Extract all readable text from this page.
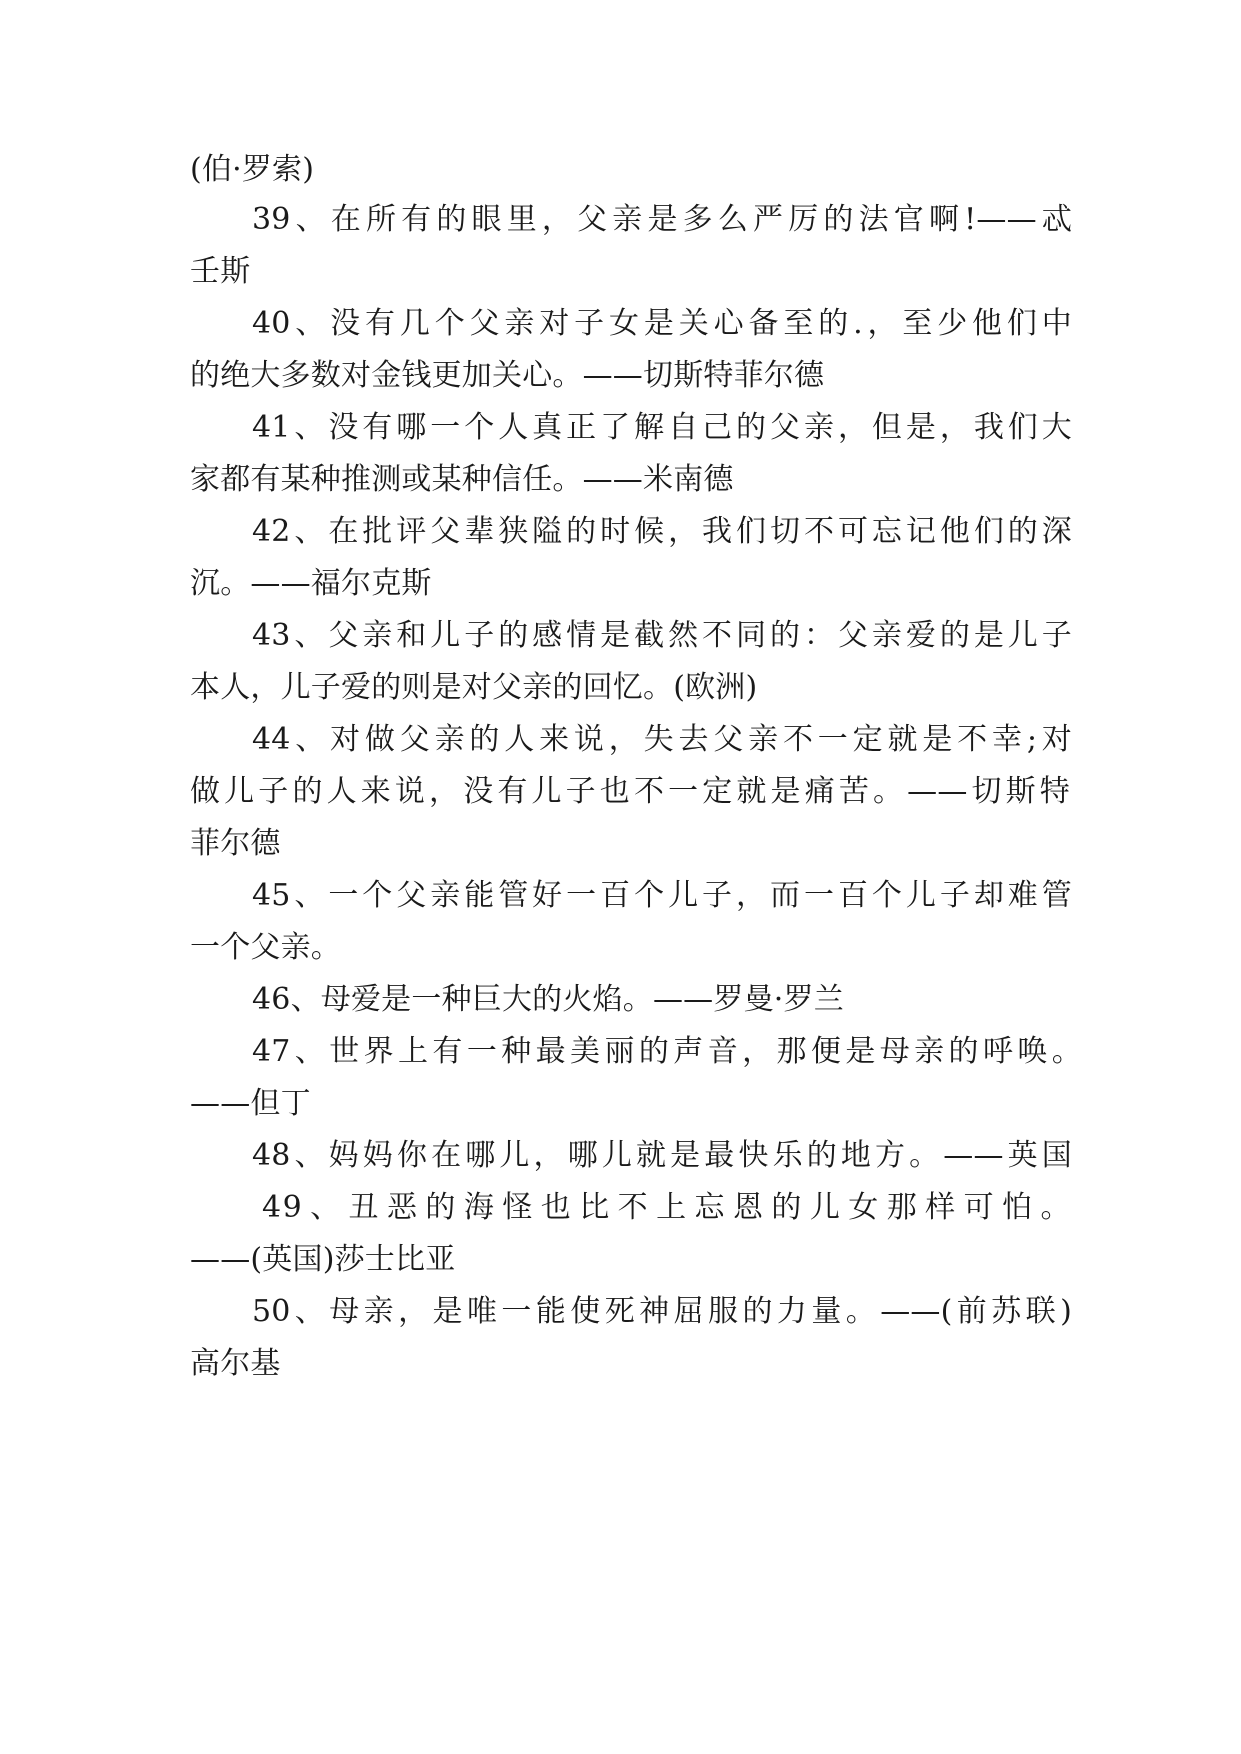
(伯·罗索)
39、在所有的眼里，父亲是多么严厉的法官啊!——忒
壬斯
40、没有几个父亲对子女是关心备至的.，至少他们中
的绝大多数对金钱更加关心。——切斯特菲尔德
41、没有哪一个人真正了解自己的父亲，但是，我们大
家都有某种推测或某种信任。——米南德
42、在批评父辈狭隘的时候，我们切不可忘记他们的深
沉。——福尔克斯
43、父亲和儿子的感情是截然不同的：父亲爱的是儿子
本人，儿子爱的则是对父亲的回忆。(欧洲)
44、对做父亲的人来说，失去父亲不一定就是不幸;对
做儿子的人来说，没有儿子也不一定就是痛苦。——切斯特
菲尔德
45、一个父亲能管好一百个儿子，而一百个儿子却难管
一个父亲。
46、母爱是一种巨大的火焰。——罗曼·罗兰
47、世界上有一种最美丽的声音，那便是母亲的呼唤。
——但丁
48、妈妈你在哪儿，哪儿就是最快乐的地方。——英国
49、丑恶的海怪也比不上忘恩的儿女那样可怕。
——(英国)莎士比亚
50、母亲，是唯一能使死神屈服的力量。——(前苏联)
高尔基
